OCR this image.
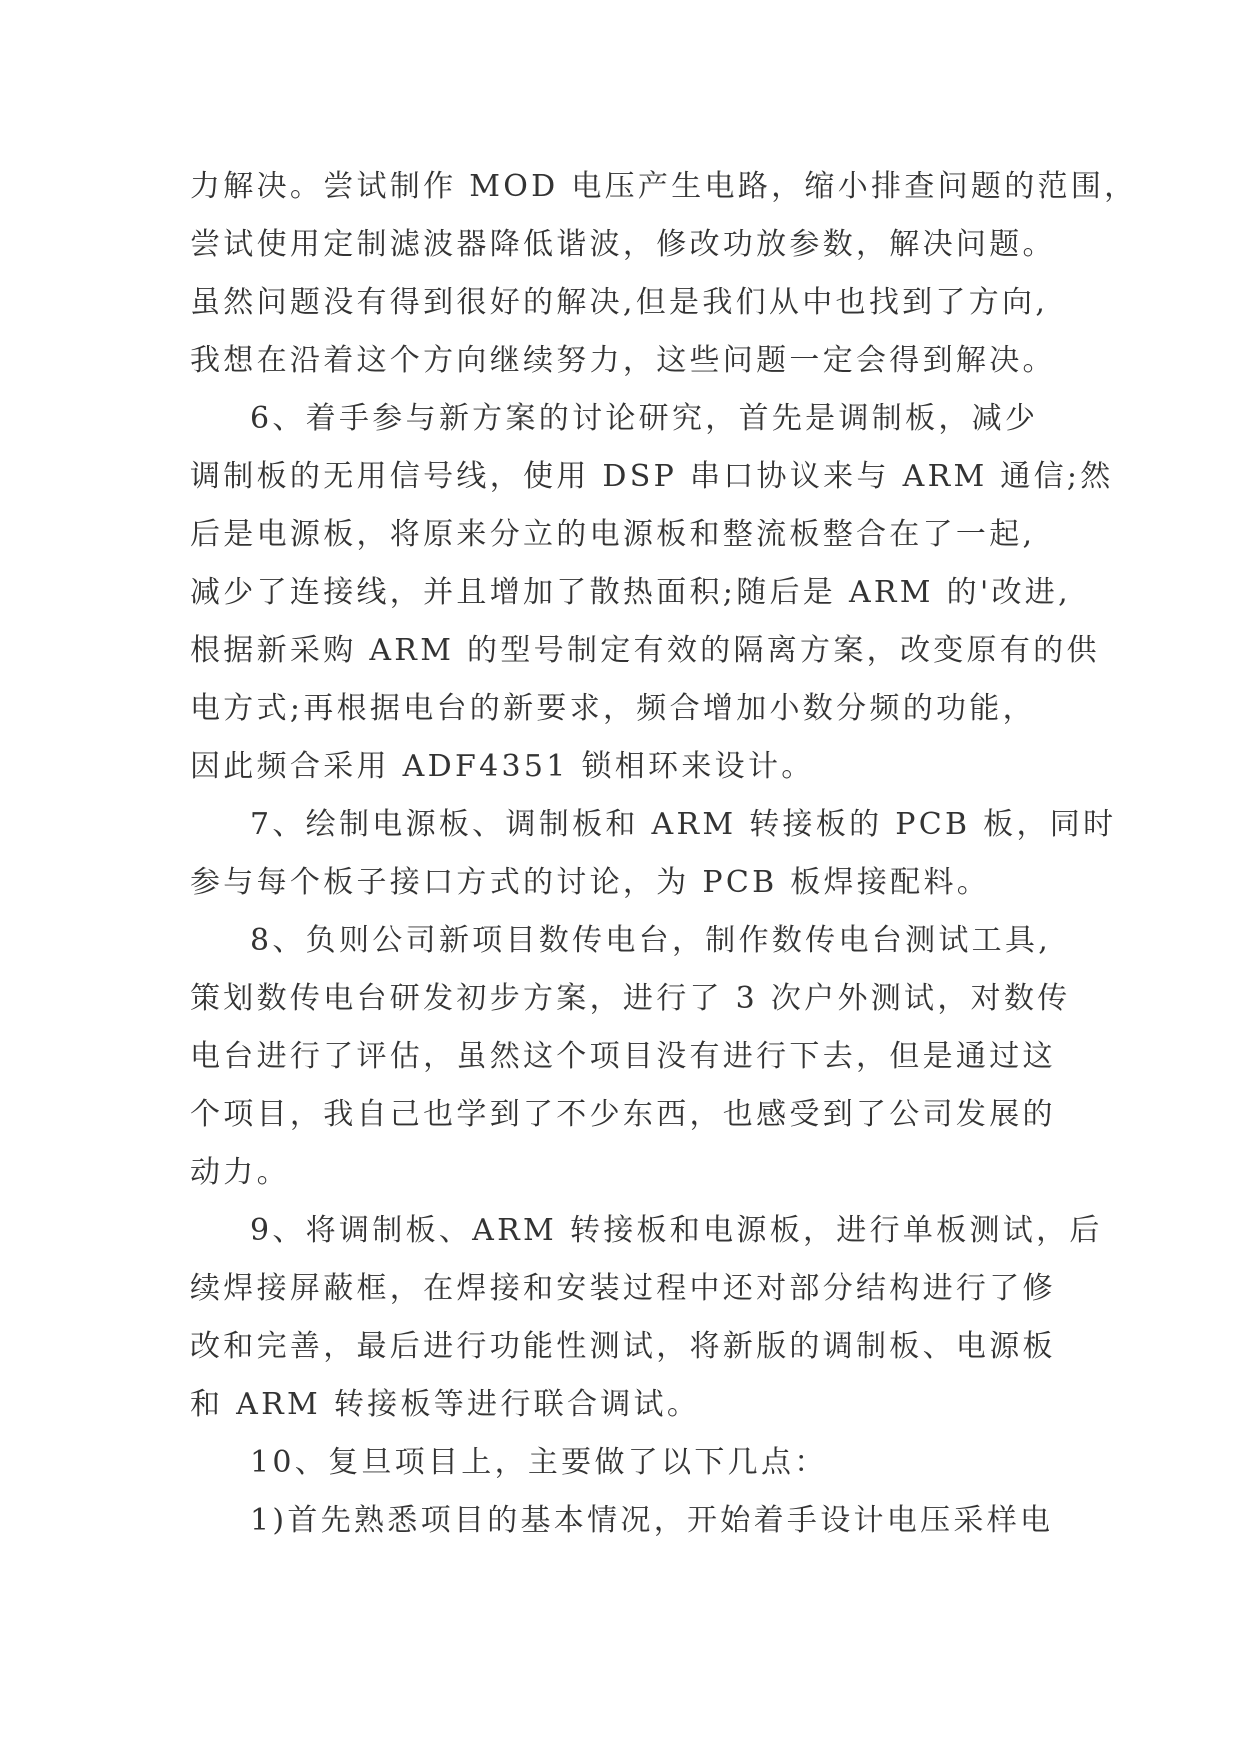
力解决。尝试制作 MOD 电压产生电路，缩小排查问题的范围，
尝试使用定制滤波器降低谐波，修改功放参数，解决问题。
虽然问题没有得到很好的解决,但是我们从中也找到了方向,
我想在沿着这个方向继续努力，这些问题一定会得到解决。
6、着手参与新方案的讨论研究，首先是调制板，减少
调制板的无用信号线，使用 DSP 串口协议来与 ARM 通信;然
后是电源板，将原来分立的电源板和整流板整合在了一起,
减少了连接线，并且增加了散热面积;随后是 ARM 的'改进,
根据新采购 ARM 的型号制定有效的隔离方案，改变原有的供
电方式;再根据电台的新要求，频合增加小数分频的功能，
因此频合采用 ADF4351 锁相环来设计。
7、绘制电源板、调制板和 ARM 转接板的 PCB 板，同时
参与每个板子接口方式的讨论，为 PCB 板焊接配料。
8、负则公司新项目数传电台，制作数传电台测试工具,
策划数传电台研发初步方案，进行了 3 次户外测试，对数传
电台进行了评估，虽然这个项目没有进行下去，但是通过这
个项目，我自己也学到了不少东西，也感受到了公司发展的
动力。
9、将调制板、ARM 转接板和电源板，进行单板测试，后
续焊接屏蔽框，在焊接和安装过程中还对部分结构进行了修
改和完善，最后进行功能性测试，将新版的调制板、电源板
和 ARM 转接板等进行联合调试。
10、复旦项目上，主要做了以下几点：
1)首先熟悉项目的基本情况，开始着手设计电压采样电
